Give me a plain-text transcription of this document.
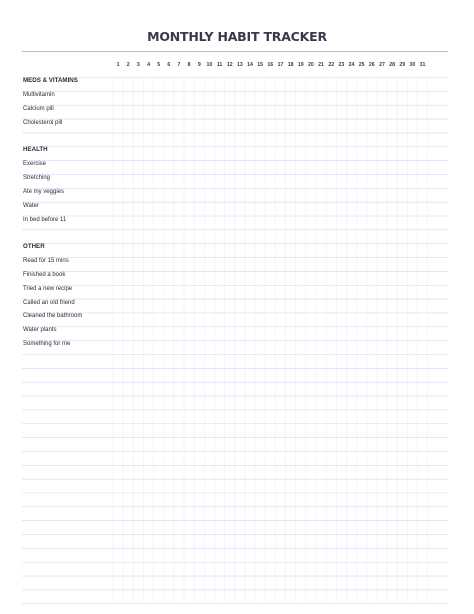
MONTHLY HABIT TRACKER
1	2	3	4	5	6	7	8	9	10 11 12 13 14 15 16 17 18 19 20 21 22 23 24 25 26 27 28 29 30 31
MEDS & VITAMINS
Multivitamin
Calcium pill
Cholesterol pill
HEALTH
Exercise
Stretching
Ate my veggies
Water
In bed before 11
OTHER
Read for 15 mins
Finished a book
Tried a new recipe
Called an old friend
Cleaned the bathroom
Water plants
Something for me
